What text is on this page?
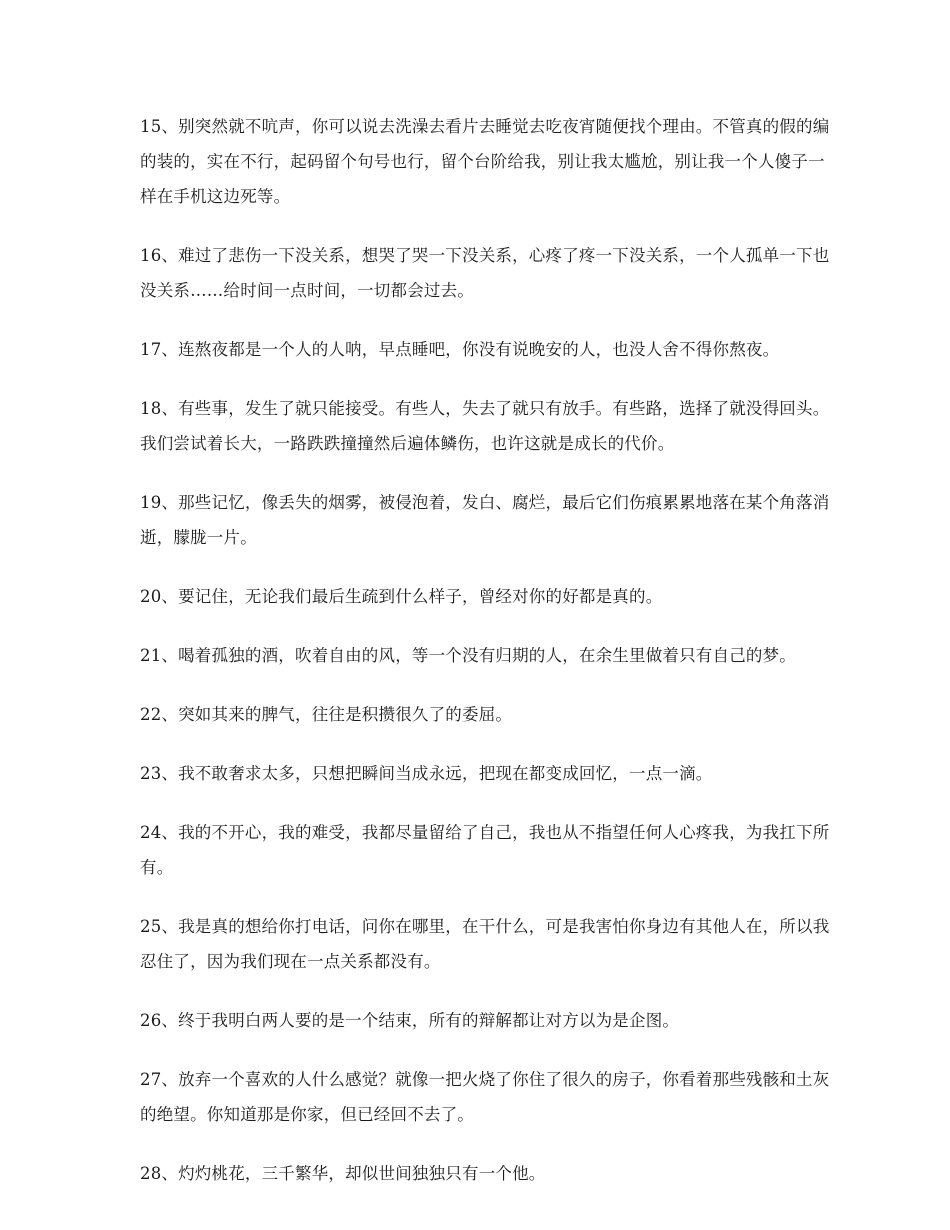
15、别突然就不吭声，你可以说去洗澡去看片去睡觉去吃夜宵随便找个理由。不管真的假的编的装的，实在不行，起码留个句号也行，留个台阶给我，别让我太尴尬，别让我一个人傻子一样在手机这边死等。

16、难过了悲伤一下没关系，想哭了哭一下没关系，心疼了疼一下没关系，一个人孤单一下也没关系……给时间一点时间，一切都会过去。

17、连熬夜都是一个人的人呐，早点睡吧，你没有说晚安的人，也没人舍不得你熬夜。

18、有些事，发生了就只能接受。有些人，失去了就只有放手。有些路，选择了就没得回头。我们尝试着长大，一路跌跌撞撞然后遍体鳞伤，也许这就是成长的代价。

19、那些记忆，像丢失的烟雾，被侵泡着，发白、腐烂，最后它们伤痕累累地落在某个角落消逝，朦胧一片。

20、要记住，无论我们最后生疏到什么样子，曾经对你的好都是真的。

21、喝着孤独的酒，吹着自由的风，等一个没有归期的人，在余生里做着只有自己的梦。

22、突如其来的脾气，往往是积攒很久了的委屈。

23、我不敢奢求太多，只想把瞬间当成永远，把现在都变成回忆，一点一滴。

24、我的不开心，我的难受，我都尽量留给了自己，我也从不指望任何人心疼我，为我扛下所有。

25、我是真的想给你打电话，问你在哪里，在干什么，可是我害怕你身边有其他人在，所以我忍住了，因为我们现在一点关系都没有。

26、终于我明白两人要的是一个结束，所有的辩解都让对方以为是企图。

27、放弃一个喜欢的人什么感觉？就像一把火烧了你住了很久的房子，你看着那些残骸和土灰的绝望。你知道那是你家，但已经回不去了。

28、灼灼桃花，三千繁华，却似世间独独只有一个他。
